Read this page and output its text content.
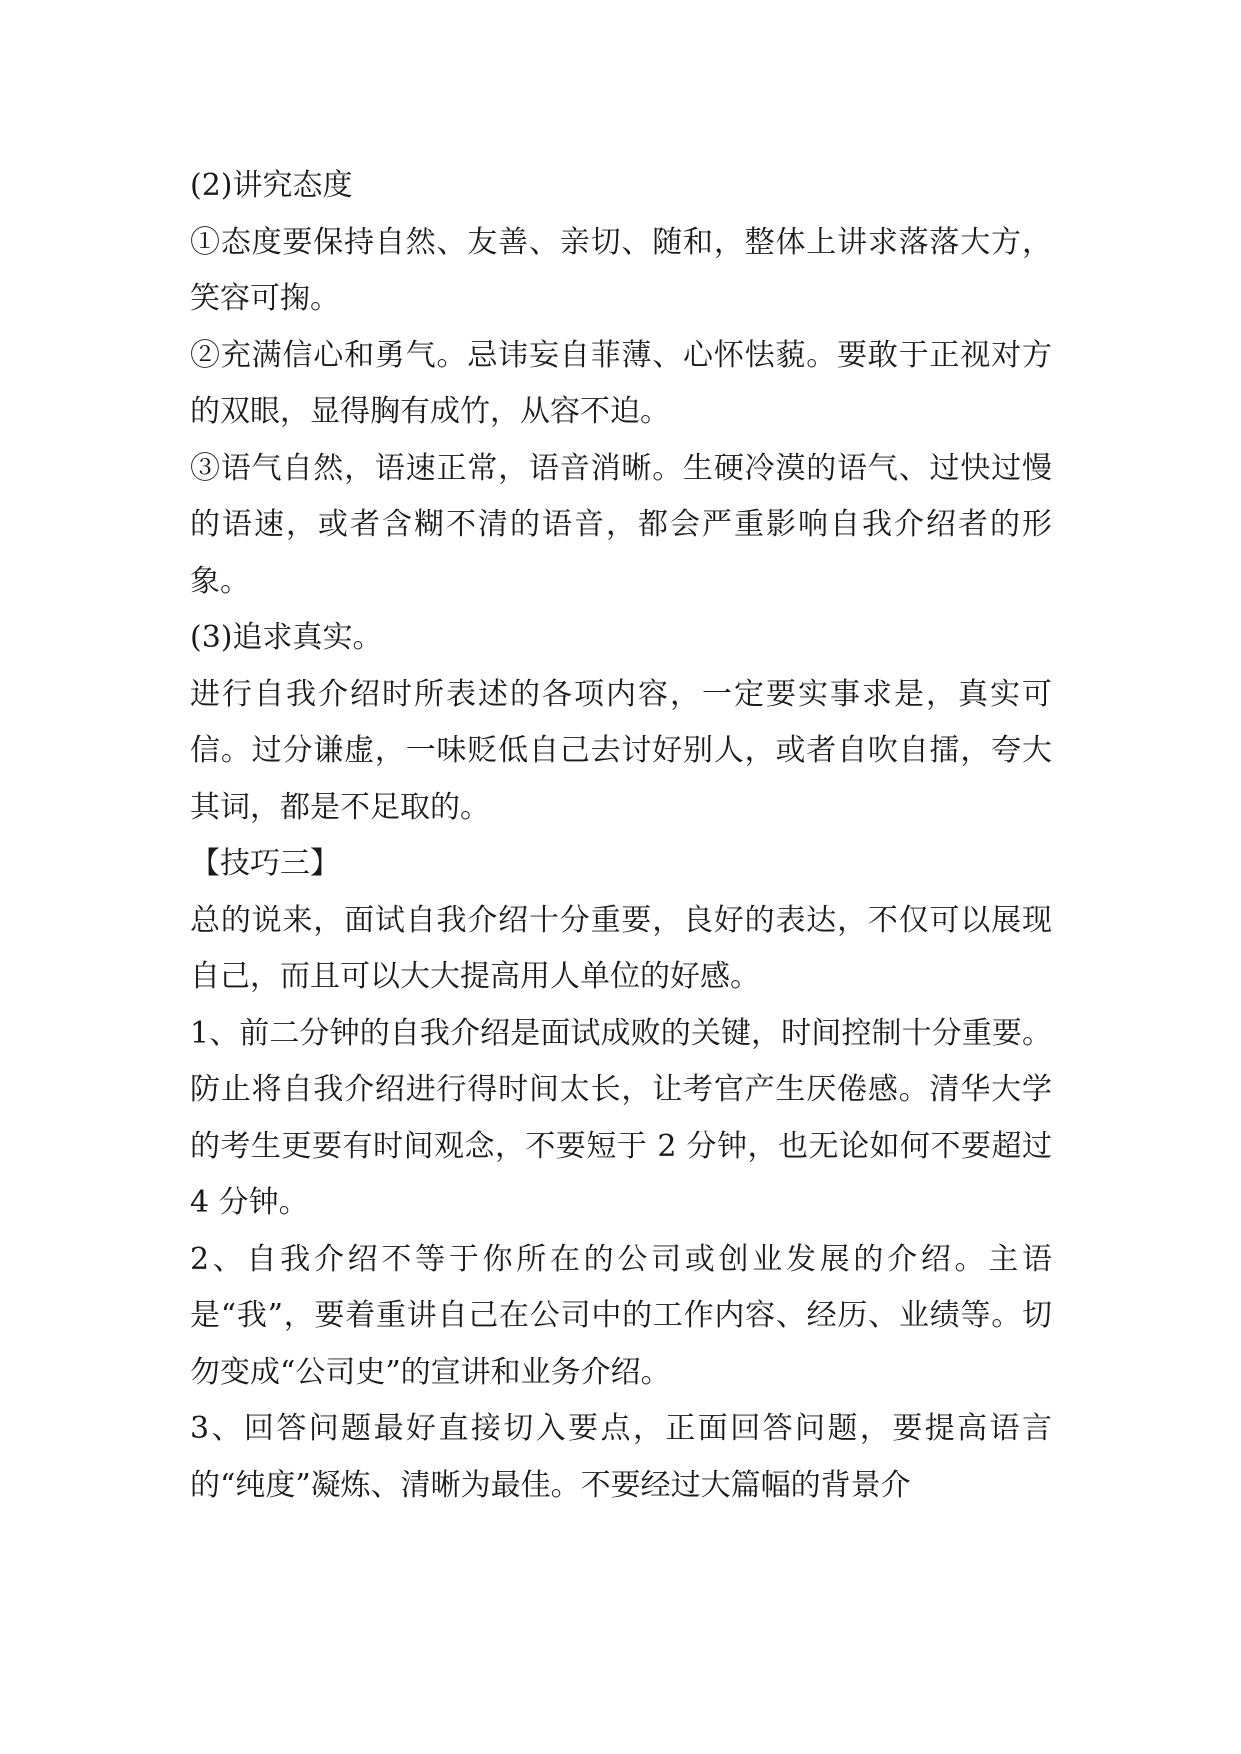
(2)讲究态度

①态度要保持自然、友善、亲切、随和，整体上讲求落落大方，笑容可掬。

②充满信心和勇气。忌讳妄自菲薄、心怀怯藐。要敢于正视对方的双眼，显得胸有成竹，从容不迫。

③语气自然，语速正常，语音消晰。生硬冷漠的语气、过快过慢的语速，或者含糊不清的语音，都会严重影响自我介绍者的形象。

(3)追求真实。

进行自我介绍时所表述的各项内容，一定要实事求是，真实可信。过分谦虚，一味贬低自己去讨好别人，或者自吹自擂，夸大其词，都是不足取的。

【技巧三】

总的说来，面试自我介绍十分重要，良好的表达，不仅可以展现自己，而且可以大大提高用人单位的好感。

1、前二分钟的自我介绍是面试成败的关键，时间控制十分重要。防止将自我介绍进行得时间太长，让考官产生厌倦感。清华大学的考生更要有时间观念，不要短于 2 分钟，也无论如何不要超过 4 分钟。

2、自我介绍不等于你所在的公司或创业发展的介绍。主语是“我”，要着重讲自己在公司中的工作内容、经历、业绩等。切勿变成“公司史”的宣讲和业务介绍。

3、回答问题最好直接切入要点，正面回答问题，要提高语言的“纯度”凝炼、清晰为最佳。不要经过大篇幅的背景介
